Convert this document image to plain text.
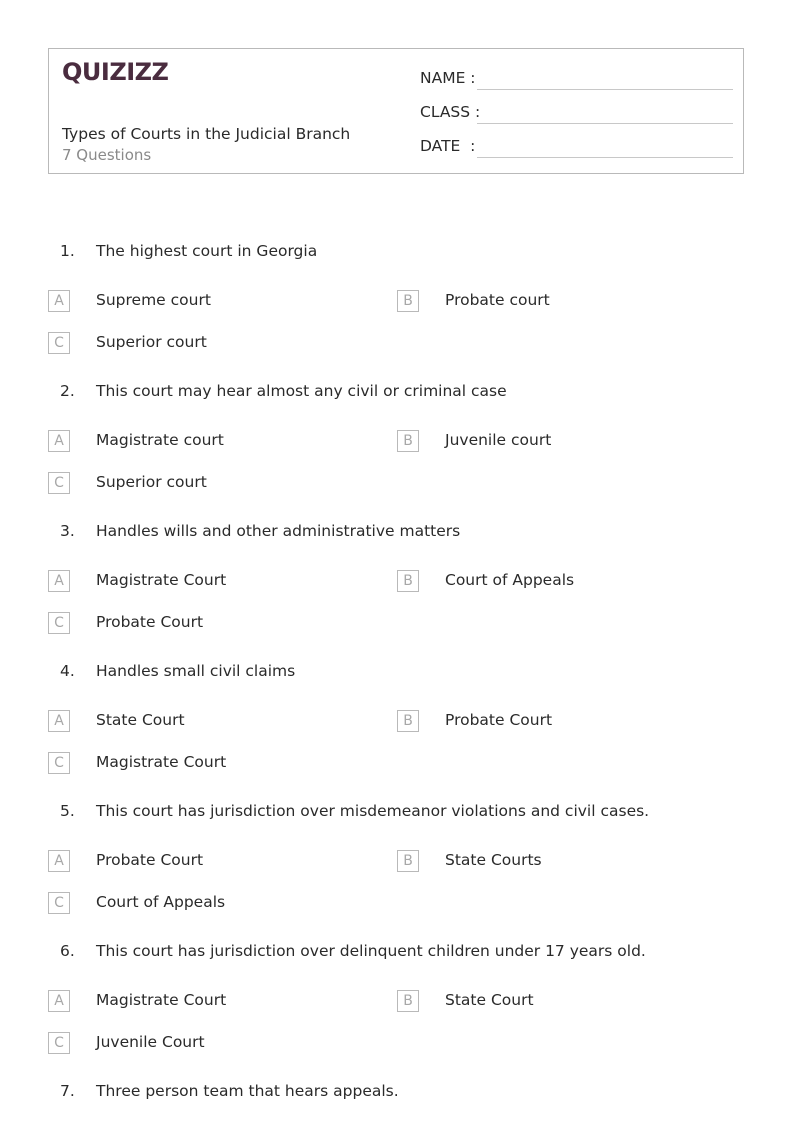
QUIZIZZ
Types of Courts in the Judicial Branch
7 Questions
NAME :
CLASS :
DATE  :
1. The highest court in Georgia
A	Supreme court	B	Probate court
C	Superior court
2. This court may hear almost any civil or criminal case
A	Magistrate court	B	Juvenile court
C	Superior court
3. Handles wills and other administrative matters
A	Magistrate Court	B	Court of Appeals
C	Probate Court
4. Handles small civil claims
A	State Court	B	Probate Court
C	Magistrate Court
5. This court has jurisdiction over misdemeanor violations and civil cases.
A	Probate Court	B	State Courts
C	Court of Appeals
6. This court has jurisdiction over delinquent children under 17 years old.
A	Magistrate Court	B	State Court
C	Juvenile Court
7. Three person team that hears appeals.
